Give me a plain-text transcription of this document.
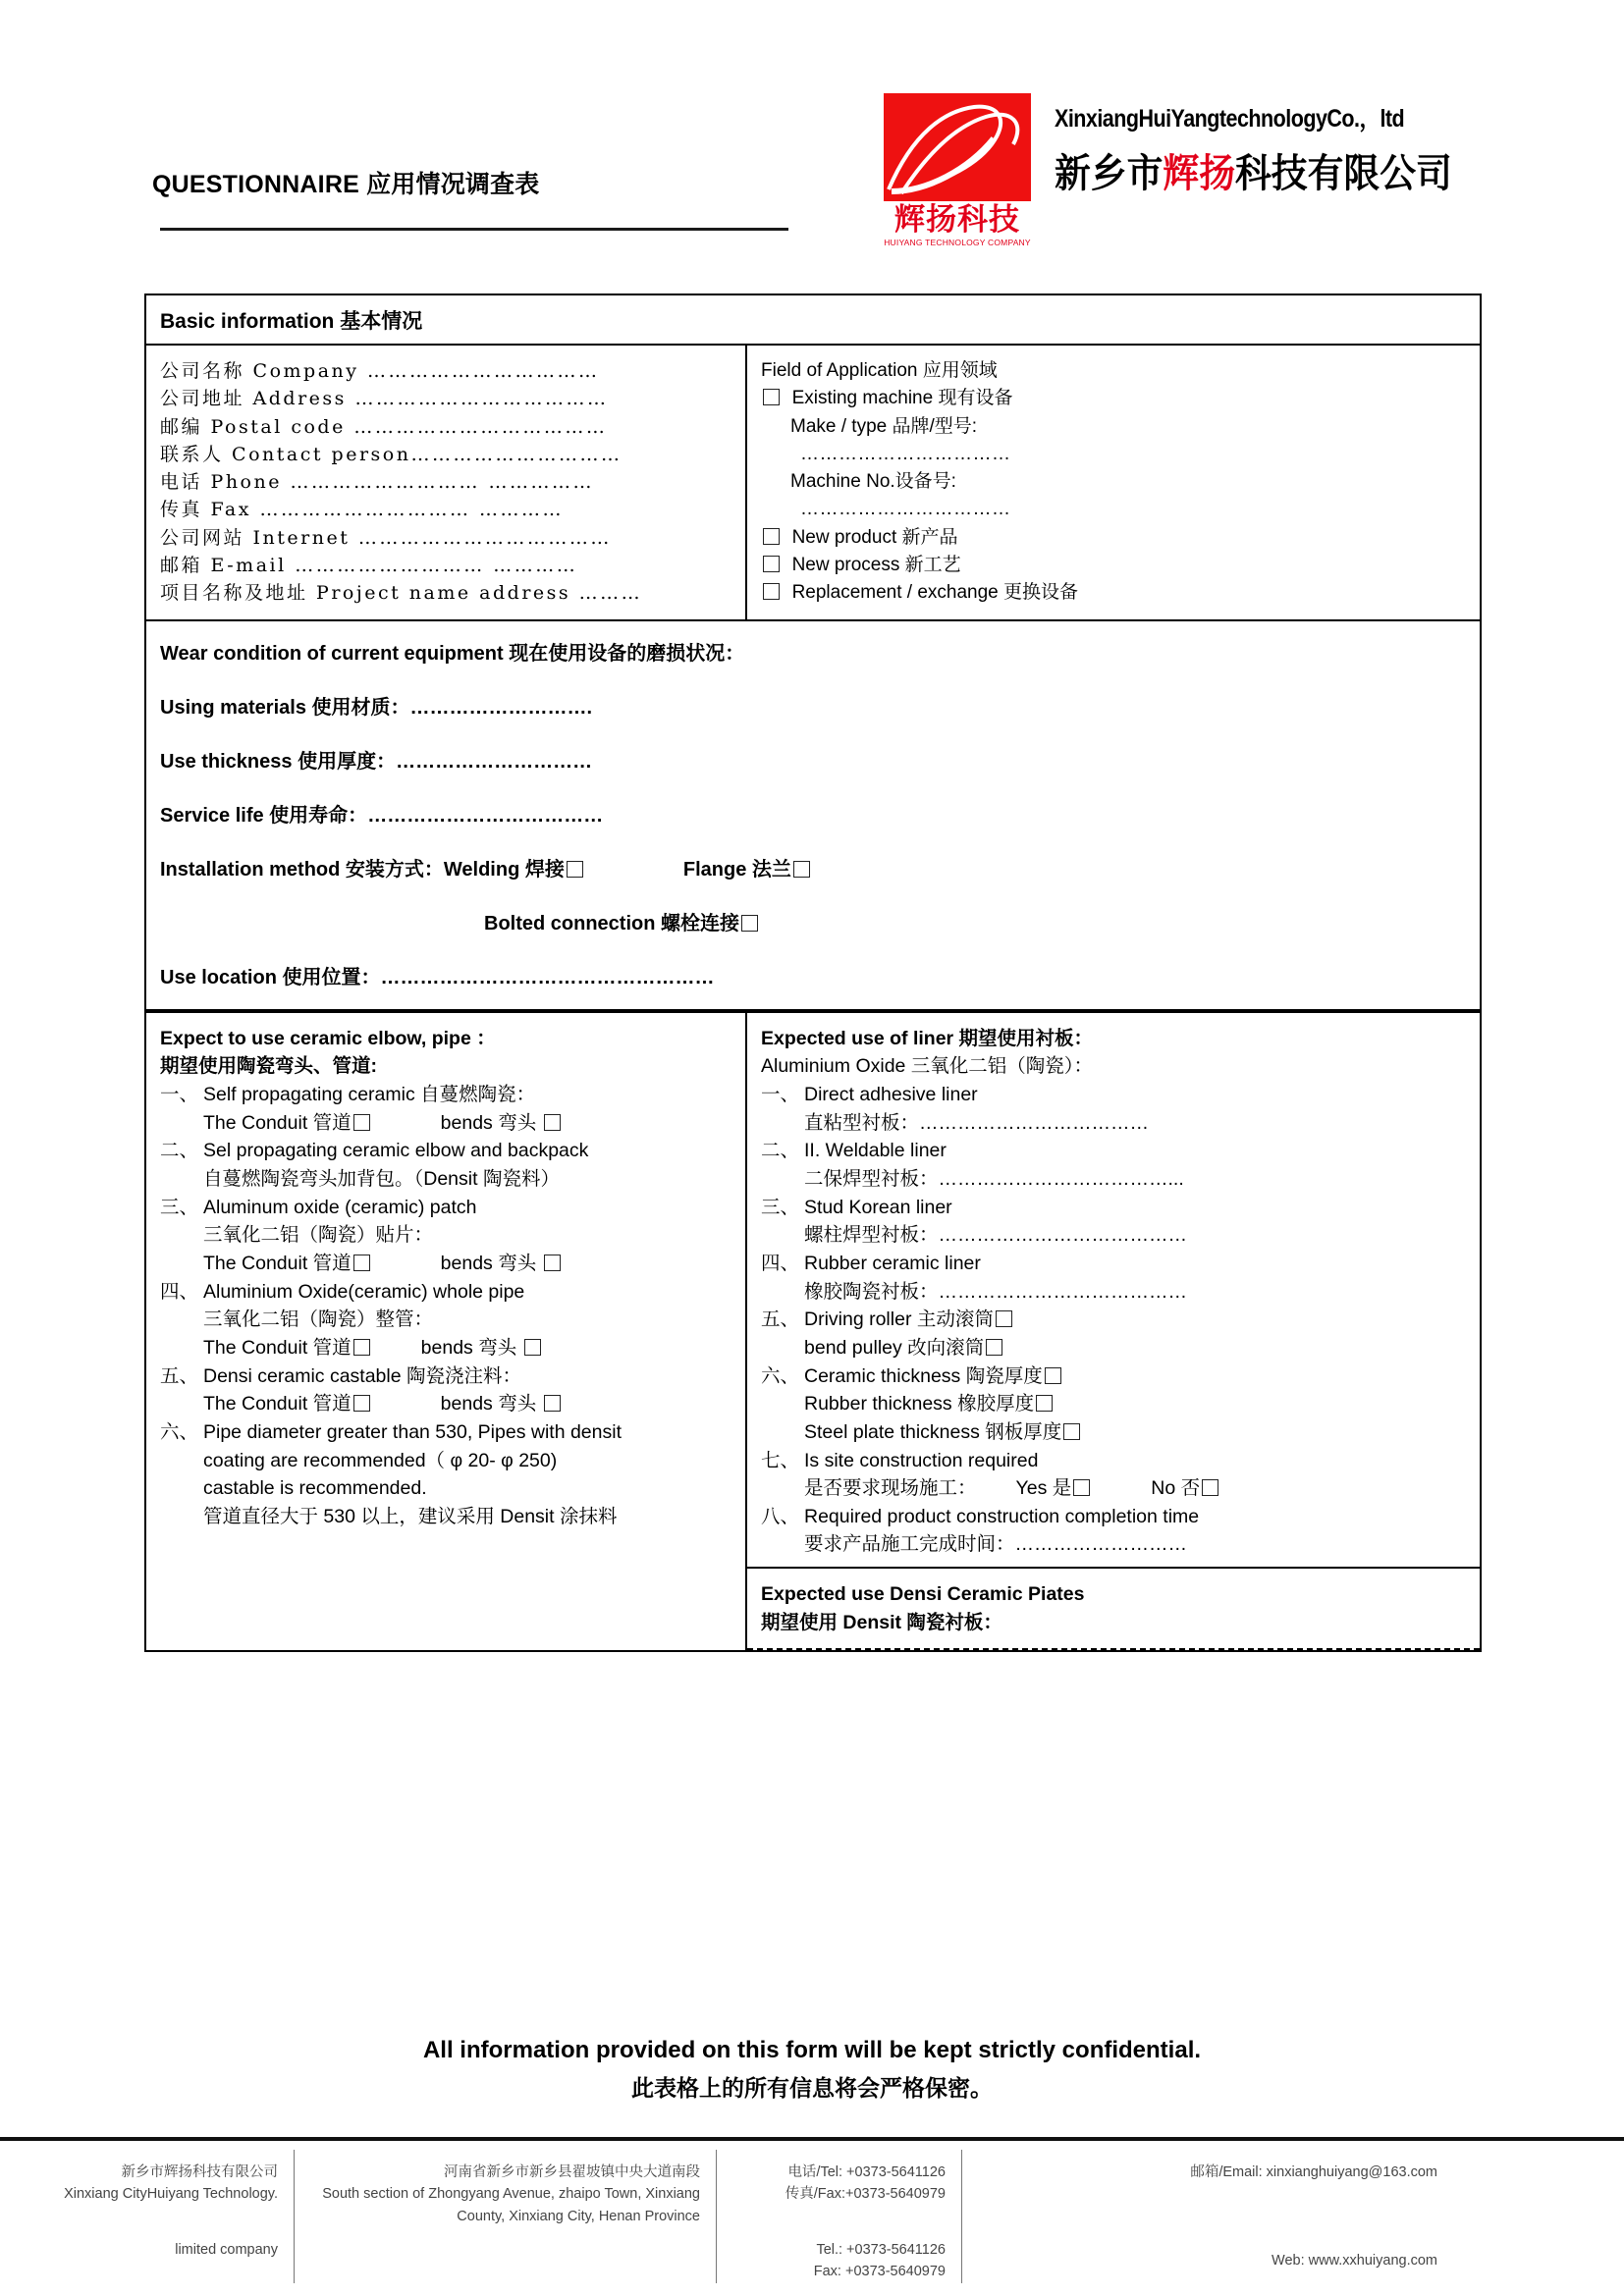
QUESTIONNAIRE 应用情况调查表
辉扬科技
HUIYANG TECHNOLOGY COMPANY
XinxiangHuiYangtechnologyCo.，ltd
新乡市辉扬科技有限公司
Basic information 基本情况
公司名称 Company ……………………………
公司地址 Address ………………………………
邮编 Postal code ………………………………
联系人 Contact person…………………………
电话 Phone ……………………… ……………
传真 Fax ………………………… …………
公司网站 Internet ………………………………
邮箱 E-mail ……………………… …………
项目名称及地址 Project name address ………
Field of Application 应用领域
Existing machine 现有设备
Make / type 品牌/型号:
……………………………
Machine No.设备号:
……………………………
New product 新产品
New process 新工艺
Replacement / exchange 更换设备
Wear condition of current equipment 现在使用设备的磨损状况：
Using materials 使用材质：……………………….
Use thickness 使用厚度：…………………………
Service life 使用寿命：………………………………
Installation method 安装方式：Welding 焊接	Flange 法兰
Bolted connection 螺栓连接
Use location 使用位置：……………………………………………
Expect to use ceramic elbow, pipe ：
期望使用陶瓷弯头、管道:
一、 Self propagating ceramic 自蔓燃陶瓷：
The Conduit 管道	bends 弯头
二、 Sel propagating ceramic elbow and backpack
自蔓燃陶瓷弯头加背包。（Densit 陶瓷料）
三、 Aluminum oxide (ceramic) patch
三氧化二铝（陶瓷）贴片：
The Conduit 管道	bends 弯头
四、 Aluminium Oxide(ceramic) whole pipe
三氧化二铝（陶瓷）整管：
The Conduit 管道	bends 弯头
五、 Densi ceramic castable 陶瓷浇注料：
The Conduit 管道	bends 弯头
六、 Pipe diameter greater than 530, Pipes with densit
coating are recommended（ φ 20- φ 250)
castable is recommended.
管道直径大于 530 以上，建议采用 Densit 涂抹料
Expected use of liner 期望使用衬板：
Aluminium Oxide 三氧化二铝（陶瓷）：
一、 Direct adhesive liner
直粘型衬板：………………………………
二、 II. Weldable liner
二保焊型衬板：………………………………...
三、 Stud Korean liner
螺柱焊型衬板：…………………………………
四、 Rubber ceramic liner
橡胶陶瓷衬板：…………………………………
五、 Driving roller 主动滚筒
bend pulley 改向滚筒
六、 Ceramic thickness 陶瓷厚度
Rubber thickness 橡胶厚度
Steel plate thickness 钢板厚度
七、 Is site construction required
是否要求现场施工： Yes 是	No 否
八、 Required product construction completion time
要求产品施工完成时间：………………………
Expected use Densi Ceramic Piates
期望使用 Densit 陶瓷衬板：
All information provided on this form will be kept strictly confidential.
此表格上的所有信息将会严格保密。
新乡市辉扬科技有限公司
Xinxiang CityHuiyang Technology.
limited company
河南省新乡市新乡县翟坡镇中央大道南段
South section of Zhongyang Avenue, zhaipo Town, Xinxiang
County, Xinxiang City, Henan Province
电话/Tel: +0373-5641126
传真/Fax:+0373-5640979
Tel.: +0373-5641126
Fax: +0373-5640979
邮箱/Email: xinxianghuiyang@163.com
Web: www.xxhuiyang.com
